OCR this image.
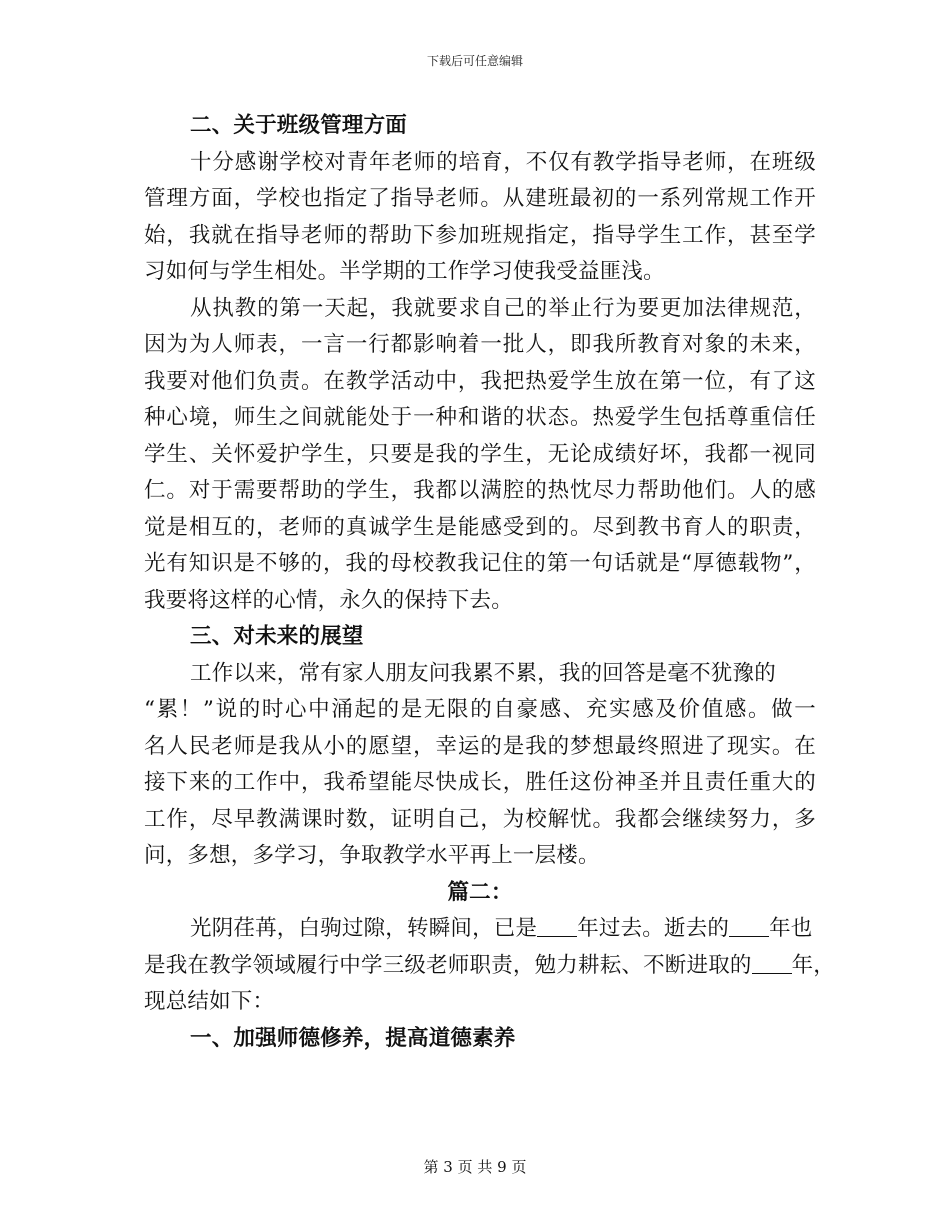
下载后可任意编辑
二、关于班级管理方面
十分感谢学校对青年老师的培育，不仅有教学指导老师，在班级
管理方面，学校也指定了指导老师。从建班最初的一系列常规工作开
始，我就在指导老师的帮助下参加班规指定，指导学生工作，甚至学
习如何与学生相处。半学期的工作学习使我受益匪浅。
从执教的第一天起，我就要求自己的举止行为要更加法律规范，
因为为人师表，一言一行都影响着一批人，即我所教育对象的未来，
我要对他们负责。在教学活动中，我把热爱学生放在第一位，有了这
种心境，师生之间就能处于一种和谐的状态。热爱学生包括尊重信任
学生、关怀爱护学生，只要是我的学生，无论成绩好坏，我都一视同
仁。对于需要帮助的学生，我都以满腔的热忱尽力帮助他们。人的感
觉是相互的，老师的真诚学生是能感受到的。尽到教书育人的职责，
光有知识是不够的，我的母校教我记住的第一句话就是“厚德载物”，
我要将这样的心情，永久的保持下去。
三、对未来的展望
工作以来，常有家人朋友问我累不累，我的回答是毫不犹豫的
“累！”说的时心中涌起的是无限的自豪感、充实感及价值感。做一
名人民老师是我从小的愿望，幸运的是我的梦想最终照进了现实。在
接下来的工作中，我希望能尽快成长，胜任这份神圣并且责任重大的
工作，尽早教满课时数，证明自己，为校解忧。我都会继续努力，多
问，多想，多学习，争取教学水平再上一层楼。
篇二：
光阴荏苒，白驹过隙，转瞬间，已是 年过去。逝去的 年也
是我在教学领域履行中学三级老师职责，勉力耕耘、不断进取的 年，
现总结如下：
一、加强师德修养，提高道德素养
第 3 页 共 9 页
